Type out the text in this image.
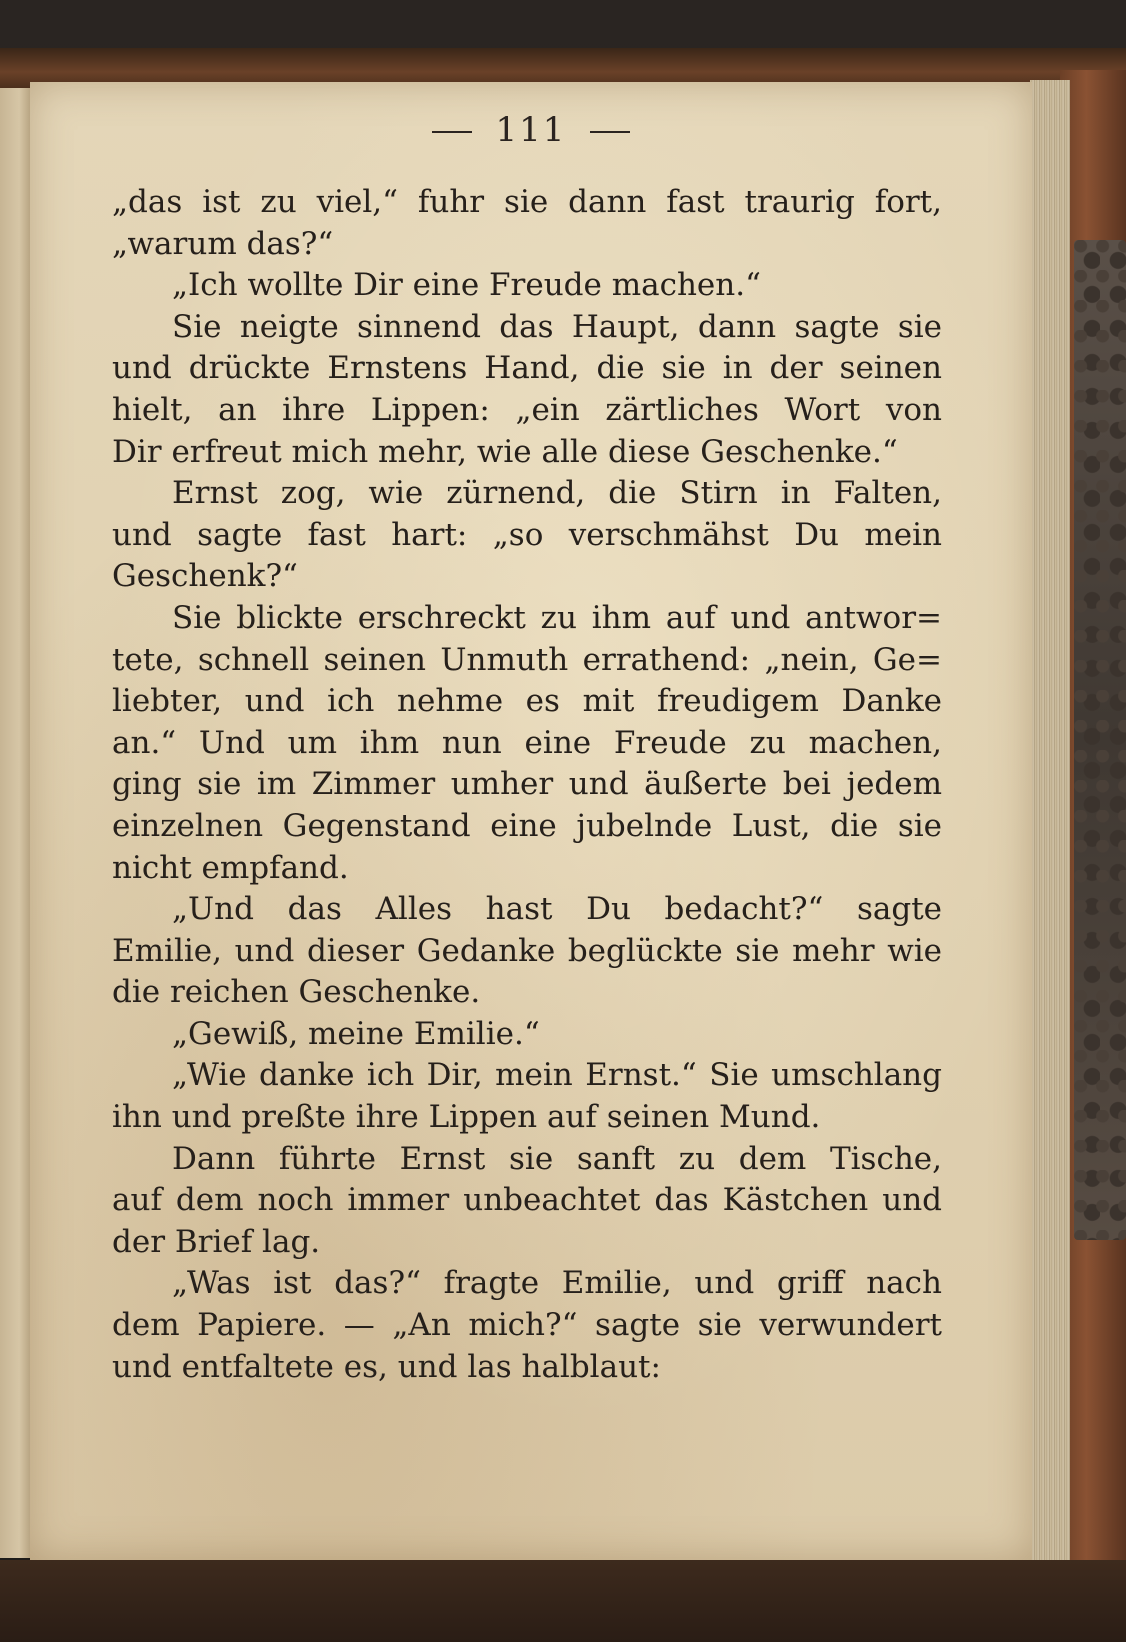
111
„das ist zu viel,“ fuhr sie dann fast traurig fort,
„warum das?“
„Ich wollte Dir eine Freude machen.“
Sie neigte sinnend das Haupt, dann sagte sie
und drückte Ernstens Hand, die sie in der seinen
hielt, an ihre Lippen: „ein zärtliches Wort von
Dir erfreut mich mehr, wie alle diese Geschenke.“
Ernst zog, wie zürnend, die Stirn in Falten,
und sagte fast hart: „so verschmähst Du mein
Geschenk?“
Sie blickte erschreckt zu ihm auf und antwor=
tete, schnell seinen Unmuth errathend: „nein, Ge=
liebter, und ich nehme es mit freudigem Danke
an.“ Und um ihm nun eine Freude zu machen,
ging sie im Zimmer umher und äußerte bei jedem
einzelnen Gegenstand eine jubelnde Lust, die sie
nicht empfand.
„Und das Alles hast Du bedacht?“ sagte
Emilie, und dieser Gedanke beglückte sie mehr wie
die reichen Geschenke.
„Gewiß, meine Emilie.“
„Wie danke ich Dir, mein Ernst.“ Sie umschlang
ihn und preßte ihre Lippen auf seinen Mund.
Dann führte Ernst sie sanft zu dem Tische,
auf dem noch immer unbeachtet das Kästchen und
der Brief lag.
„Was ist das?“ fragte Emilie, und griff nach
dem Papiere. — „An mich?“ sagte sie verwundert
und entfaltete es, und las halblaut:
